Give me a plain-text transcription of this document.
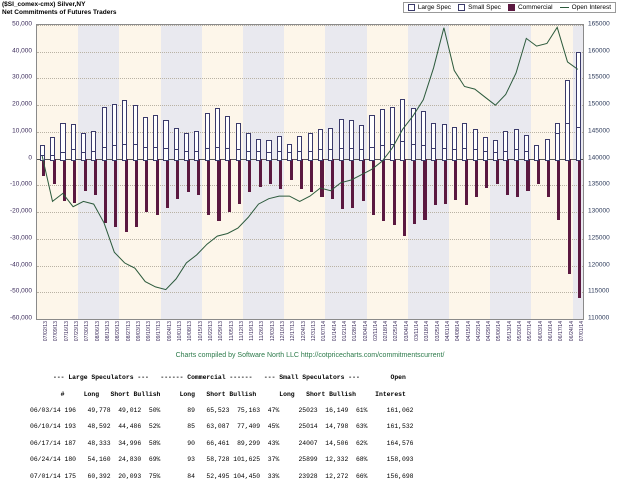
($SI_comex-cmx) Silver,NY
Net Commitments of Futures Traders
Large Spec	Small Spec	Commercial	Open Interest
50,000
40,000
30,000
20,000
10,000
0
-10,000
-20,000
-30,000
-40,000
-50,000
-60,000
165000
160000
155000
150000
145000
140000
135000
130000
125000
120000
115000
110000
07/02/13 07/09/13 07/16/13 07/23/13 07/30/13 08/06/13 08/13/13 08/20/13 08/27/13 09/03/13 09/10/13 09/17/13 09/24/13 10/01/13 10/08/13 10/15/13 10/22/13 10/29/13 11/05/13 11/12/13 11/19/13 11/26/13 12/03/13 12/10/13 12/17/13 12/24/13 12/31/13 01/07/14 01/14/14 01/21/14 01/28/14 02/04/14 02/11/14 02/18/14 02/25/14 03/04/14 03/11/14 03/18/14 03/25/14 04/01/14 04/08/14 04/15/14 04/22/14 04/29/14 05/06/14 05/13/14 05/20/14 05/27/14 06/03/14 06/10/14 06/17/14 06/24/14 07/01/14
Charts compiled by Software North LLC http://cotpricecharts.com/commitmentscurrent/

--- Large Speculators ---   ------ Commercial ------   --- Small Speculators ---        Open

#     Long   Short Bullish     Long   Short Bullish      Long   Short Bullish     Interest

06/03/14 196   49,778  49,012  50%       89   65,523  75,163  47%     25023  16,149  61%     161,062

06/10/14 193   48,592  44,486  52%       85   63,087  77,409  45%     25014  14,798  63%     161,532

06/17/14 187   48,333  34,996  58%       90   66,461  89,299  43%     24007  14,506  62%     164,576

06/24/14 180   54,160  24,830  69%       93   58,728 101,625  37%     25899  12,332  68%     158,093

07/01/14 175   60,392  20,093  75%       84   52,495 104,450  33%     23928  12,272  66%     156,698
